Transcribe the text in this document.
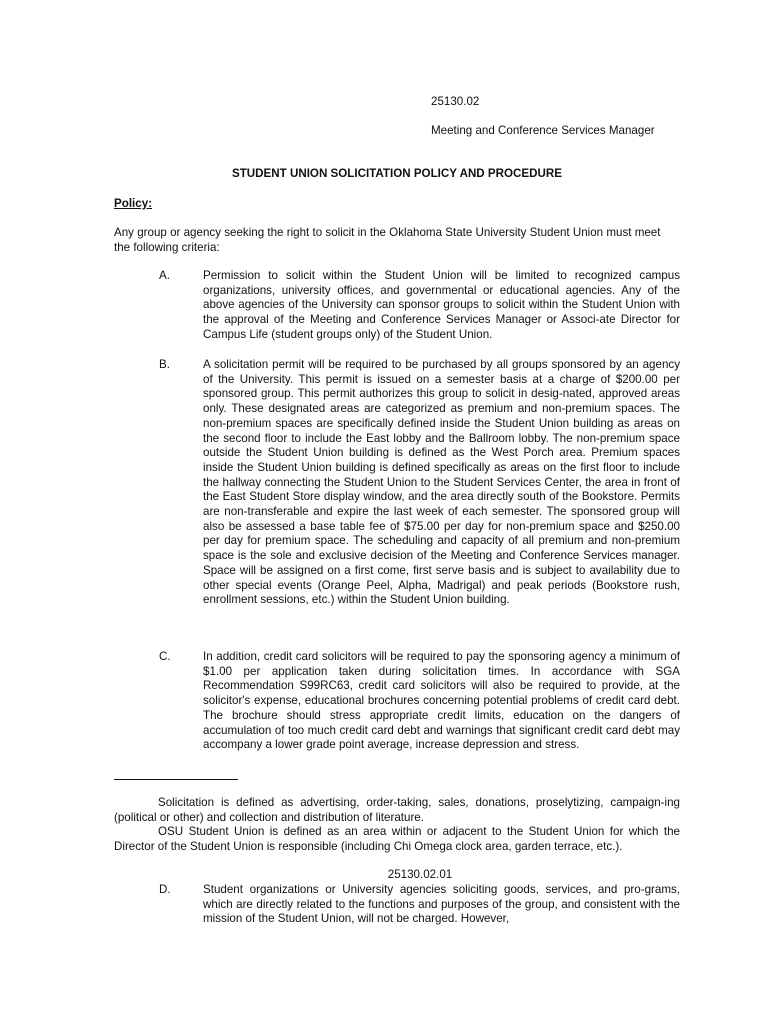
25130.02
Meeting and Conference Services Manager
STUDENT UNION SOLICITATION POLICY AND PROCEDURE
Policy:
Any group or agency seeking the right to solicit in the Oklahoma State University Student Union must meet the following criteria:
A.	Permission to solicit within the Student Union will be limited to recognized campus organizations, university offices, and governmental or educational agencies. Any of the above agencies of the University can sponsor groups to solicit within the Student Union with the approval of the Meeting and Conference Services Manager or Associ-ate Director for Campus Life (student groups only) of the Student Union.
B.	A solicitation permit will be required to be purchased by all groups sponsored by an agency of the University. This permit is issued on a semester basis at a charge of $200.00 per sponsored group. This permit authorizes this group to solicit in desig-nated, approved areas only. These designated areas are categorized as premium and non-premium spaces. The non-premium spaces are specifically defined inside the Student Union building as areas on the second floor to include the East lobby and the Ballroom lobby. The non-premium space outside the Student Union building is defined as the West Porch area. Premium spaces inside the Student Union building is defined specifically as areas on the first floor to include the hallway connecting the Student Union to the Student Services Center, the area in front of the East Student Store display window, and the area directly south of the Bookstore. Permits are non-transferable and expire the last week of each semester. The sponsored group will also be assessed a base table fee of $75.00 per day for non-premium space and $250.00 per day for premium space. The scheduling and capacity of all premium and non-premium space is the sole and exclusive decision of the Meeting and Conference Services manager. Space will be assigned on a first come, first serve basis and is subject to availability due to other special events (Orange Peel, Alpha, Madrigal) and peak periods (Bookstore rush, enrollment sessions, etc.) within the Student Union building.
C.	In addition, credit card solicitors will be required to pay the sponsoring agency a minimum of $1.00 per application taken during solicitation times. In accordance with SGA Recommendation S99RC63, credit card solicitors will also be required to provide, at the solicitor's expense, educational brochures concerning potential problems of credit card debt. The brochure should stress appropriate credit limits, education on the dangers of accumulation of too much credit card debt and warnings that significant credit card debt may accompany a lower grade point average, increase depression and stress.
Solicitation is defined as advertising, order-taking, sales, donations, proselytizing, campaign-ing (political or other) and collection and distribution of literature.
OSU Student Union is defined as an area within or adjacent to the Student Union for which the Director of the Student Union is responsible (including Chi Omega clock area, garden terrace, etc.).
25130.02.01
D.	Student organizations or University agencies soliciting goods, services, and pro-grams, which are directly related to the functions and purposes of the group, and consistent with the mission of the Student Union, will not be charged. However,
